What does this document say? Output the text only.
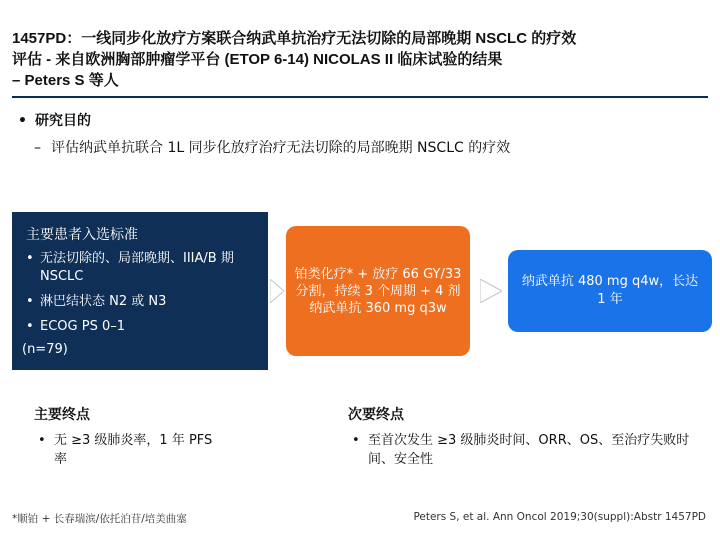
1457PD：一线同步化放疗方案联合纳武单抗治疗无法切除的局部晚期 NSCLC 的疗效
评估 - 来自欧洲胸部肿瘤学平台 (ETOP 6-14) NICOLAS II 临床试验的结果
– Peters S 等人
• 研究目的
– 评估纳武单抗联合 1L 同步化放疗治疗无法切除的局部晚期 NSCLC 的疗效
主要患者入选标准
• 无法切除的、局部晚期、IIIA/B 期 NSCLC
• 淋巴结状态 N2 或 N3
• ECOG PS 0–1
(n=79)
铂类化疗* + 放疗 66 GY/33 分割，持续 3 个周期 + 4 剂纳武单抗 360 mg q3w
纳武单抗 480 mg q4w，长达 1 年
主要终点
• 无 ≥3 级肺炎率，1 年 PFS 率
次要终点
• 至首次发生 ≥3 级肺炎时间、ORR、OS、至治疗失败时间、安全性
*顺铂 + 长春瑞滨/依托泊苷/培美曲塞	Peters S, et al. Ann Oncol 2019;30(suppl):Abstr 1457PD
